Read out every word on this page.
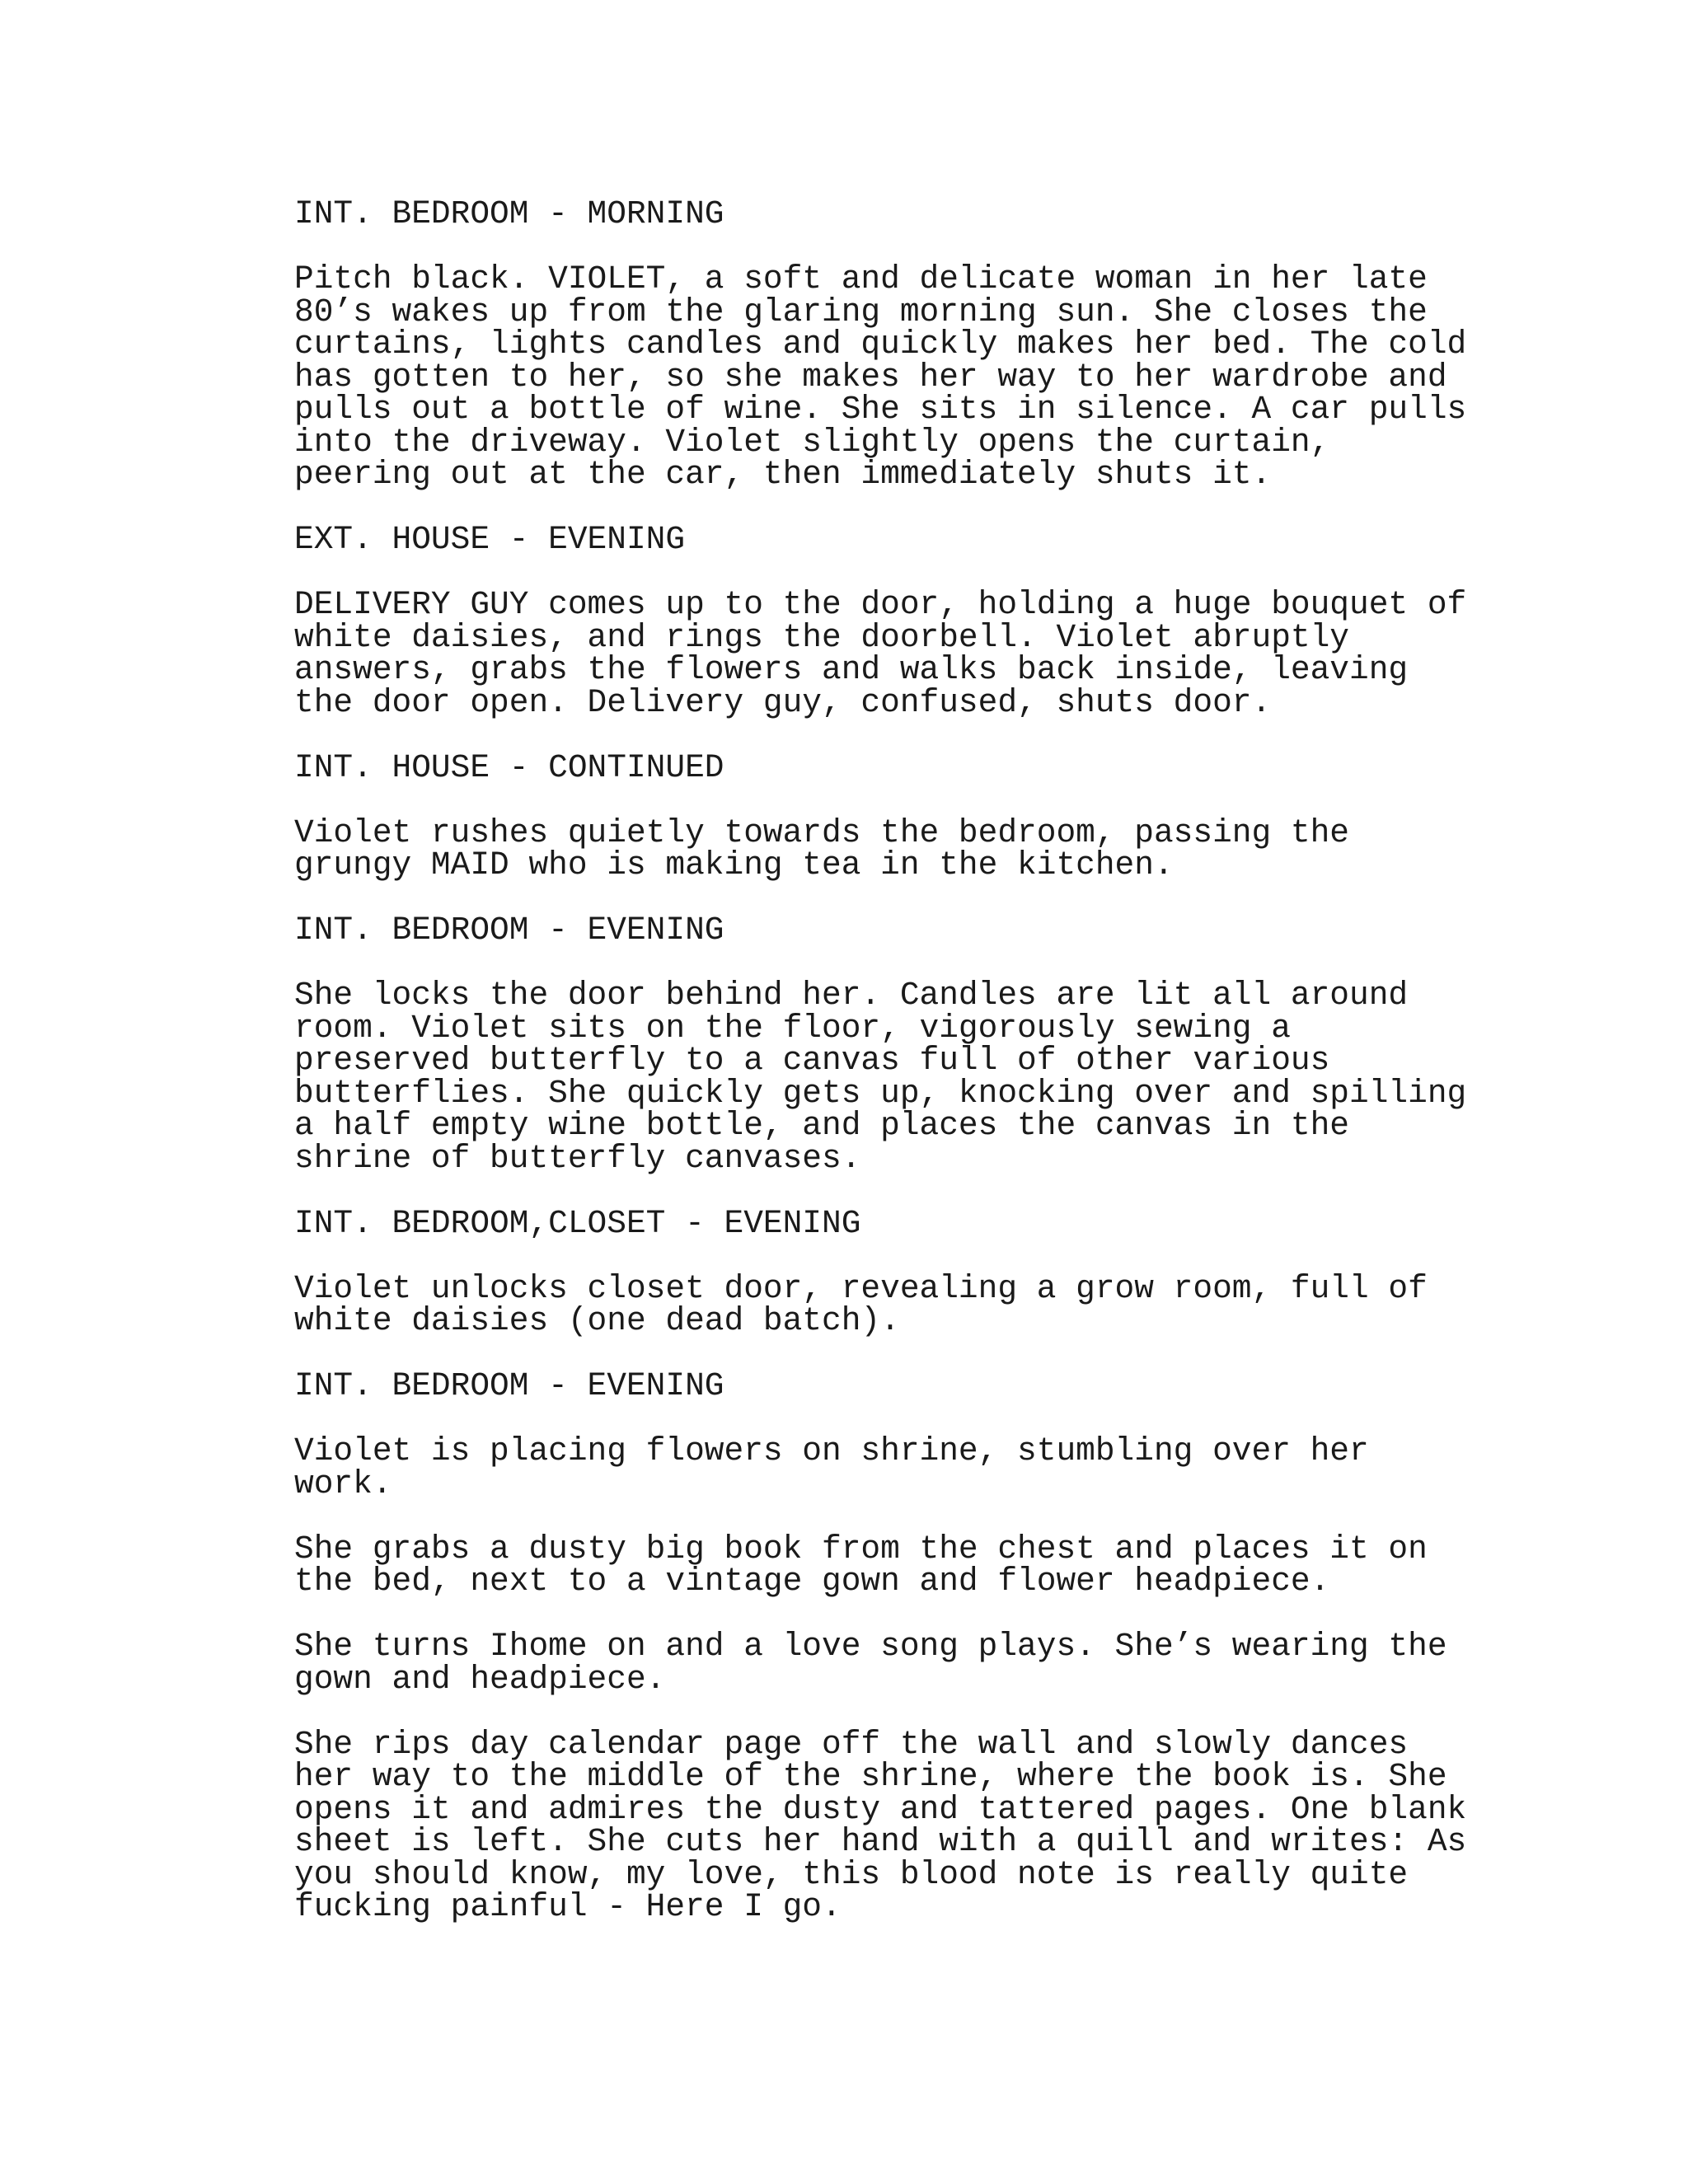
INT. BEDROOM - MORNING
Pitch black. VIOLET, a soft and delicate woman in her late
80’s wakes up from the glaring morning sun. She closes the
curtains, lights candles and quickly makes her bed. The cold
has gotten to her, so she makes her way to her wardrobe and
pulls out a bottle of wine. She sits in silence. A car pulls
into the driveway. Violet slightly opens the curtain,
peering out at the car, then immediately shuts it.
EXT. HOUSE - EVENING
DELIVERY GUY comes up to the door, holding a huge bouquet of
white daisies, and rings the doorbell. Violet abruptly
answers, grabs the flowers and walks back inside, leaving
the door open. Delivery guy, confused, shuts door.
INT. HOUSE - CONTINUED
Violet rushes quietly towards the bedroom, passing the
grungy MAID who is making tea in the kitchen.
INT. BEDROOM - EVENING
She locks the door behind her. Candles are lit all around
room. Violet sits on the floor, vigorously sewing a
preserved butterfly to a canvas full of other various
butterflies. She quickly gets up, knocking over and spilling
a half empty wine bottle, and places the canvas in the
shrine of butterfly canvases.
INT. BEDROOM,CLOSET - EVENING
Violet unlocks closet door, revealing a grow room, full of
white daisies (one dead batch).
INT. BEDROOM - EVENING
Violet is placing flowers on shrine, stumbling over her
work.
She grabs a dusty big book from the chest and places it on
the bed, next to a vintage gown and flower headpiece.
She turns Ihome on and a love song plays. She’s wearing the
gown and headpiece.
She rips day calendar page off the wall and slowly dances
her way to the middle of the shrine, where the book is. She
opens it and admires the dusty and tattered pages. One blank
sheet is left. She cuts her hand with a quill and writes: As
you should know, my love, this blood note is really quite
fucking painful - Here I go.
